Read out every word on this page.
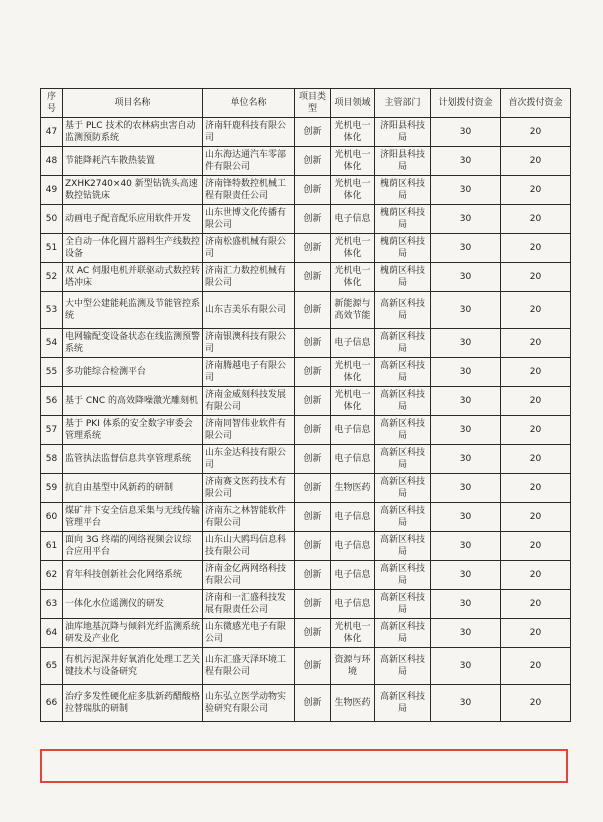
序号	项目名称	单位名称	项目类型	项目领域	主管部门	计划拨付资金	首次拨付资金
47	基于 PLC 技术的农林病虫害自动监测预防系统	济南轩鹿科技有限公司	创新	光机电一体化	济阳县科技局	30	20
48	节能降耗汽车散热装置	山东海达通汽车零部件有限公司	创新	光机电一体化	济阳县科技局	30	20
49	ZXHK2740×40 新型钻铣头高速数控钻铣床	济南锋特数控机械工程有限责任公司	创新	光机电一体化	槐荫区科技局	30	20
50	动画电子配音配乐应用软件开发	山东世博文化传播有限公司	创新	电子信息	槐荫区科技局	30	20
51	全自动一体化圆片器料生产线数控设备	济南松盛机械有限公司	创新	光机电一体化	槐荫区科技局	30	20
52	双 AC 伺服电机并联驱动式数控转塔冲床	济南汇力数控机械有限公司	创新	光机电一体化	槐荫区科技局	30	20
53	大中型公建能耗监测及节能管控系统	山东吉美乐有限公司	创新	新能源与高效节能	高新区科技局	30	20
54	电网输配变设备状态在线监测预警系统	济南银澳科技有限公司	创新	电子信息	高新区科技局	30	20
55	多功能综合检测平台	济南腾越电子有限公司	创新	光机电一体化	高新区科技局	30	20
56	基于 CNC 的高效降噪激光雕刻机	济南金威刻科技发展有限公司	创新	光机电一体化	高新区科技局	30	20
57	基于 PKI 体系的安全数字审委会管理系统	济南同智伟业软件有限公司	创新	电子信息	高新区科技局	30	20
58	监管执法监督信息共享管理系统	山东金达科技有限公司	创新	电子信息	高新区科技局	30	20
59	抗自由基型中风新药的研制	济南赛文医药技术有限公司	创新	生物医药	高新区科技局	30	20
60	煤矿井下安全信息采集与无线传输管理平台	济南东之林智能软件有限公司	创新	电子信息	高新区科技局	30	20
61	面向 3G 终端的网络视频会议综合应用平台	山东山大鸥玛信息科技有限公司	创新	电子信息	高新区科技局	30	20
62	育年科技创新社会化网络系统	济南金亿两网络科技有限公司	创新	电子信息	高新区科技局	30	20
63	一体化水位遥测仪的研发	济南和一汇盛科技发展有限责任公司	创新	电子信息	高新区科技局	30	20
64	油库地基沉降与倾斜光纤监测系统研发及产业化	山东微感光电子有限公司	创新	光机电一体化	高新区科技局	30	20
65	有机污泥深井好氧消化处理工艺关键技术与设备研究	山东汇盛天泽环境工程有限公司	创新	资源与环境	高新区科技局	30	20
66	治疗多发性硬化症多肽新药醋酸格拉替瑞肽的研制	山东弘立医学动物实验研究有限公司	创新	生物医药	高新区科技局	30	20
